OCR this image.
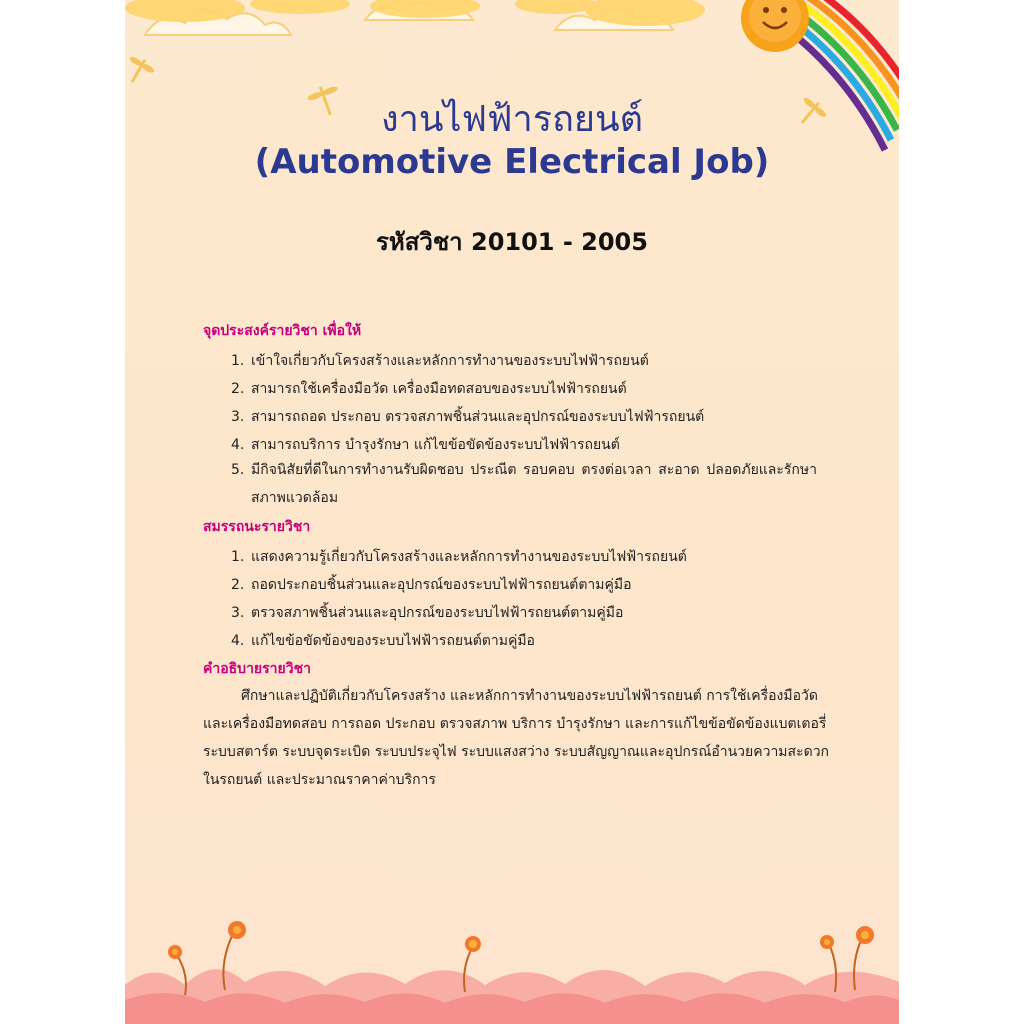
งานไฟฟ้ารถยนต์
(Automotive Electrical Job)
รหัสวิชา 20101 - 2005

จุดประสงค์รายวิชา เพื่อให้

1. เข้าใจเกี่ยวกับโครงสร้างและหลักการทำงานของระบบไฟฟ้ารถยนต์
2. สามารถใช้เครื่องมือวัด เครื่องมือทดสอบของระบบไฟฟ้ารถยนต์
3. สามารถถอด ประกอบ ตรวจสภาพชิ้นส่วนและอุปกรณ์ของระบบไฟฟ้ารถยนต์
4. สามารถบริการ บำรุงรักษา แก้ไขข้อขัดข้องระบบไฟฟ้ารถยนต์
5. มีกิจนิสัยที่ดีในการทำงานรับผิดชอบ ประณีต รอบคอบ ตรงต่อเวลา สะอาด ปลอดภัยและรักษา
สภาพแวดล้อม

สมรรถนะรายวิชา

1. แสดงความรู้เกี่ยวกับโครงสร้างและหลักการทำงานของระบบไฟฟ้ารถยนต์
2. ถอดประกอบชิ้นส่วนและอุปกรณ์ของระบบไฟฟ้ารถยนต์ตามคู่มือ
3. ตรวจสภาพชิ้นส่วนและอุปกรณ์ของระบบไฟฟ้ารถยนต์ตามคู่มือ
4. แก้ไขข้อขัดข้องของระบบไฟฟ้ารถยนต์ตามคู่มือ

คำอธิบายรายวิชา

ศึกษาและปฏิบัติเกี่ยวกับโครงสร้าง และหลักการทำงานของระบบไฟฟ้ารถยนต์ การใช้เครื่องมือวัด
และเครื่องมือทดสอบ การถอด ประกอบ ตรวจสภาพ บริการ บำรุงรักษา และการแก้ไขข้อขัดข้องแบตเตอรี่
ระบบสตาร์ต ระบบจุดระเบิด ระบบประจุไฟ ระบบแสงสว่าง ระบบสัญญาณและอุปกรณ์อำนวยความสะดวก
ในรถยนต์ และประมาณราคาค่าบริการ
